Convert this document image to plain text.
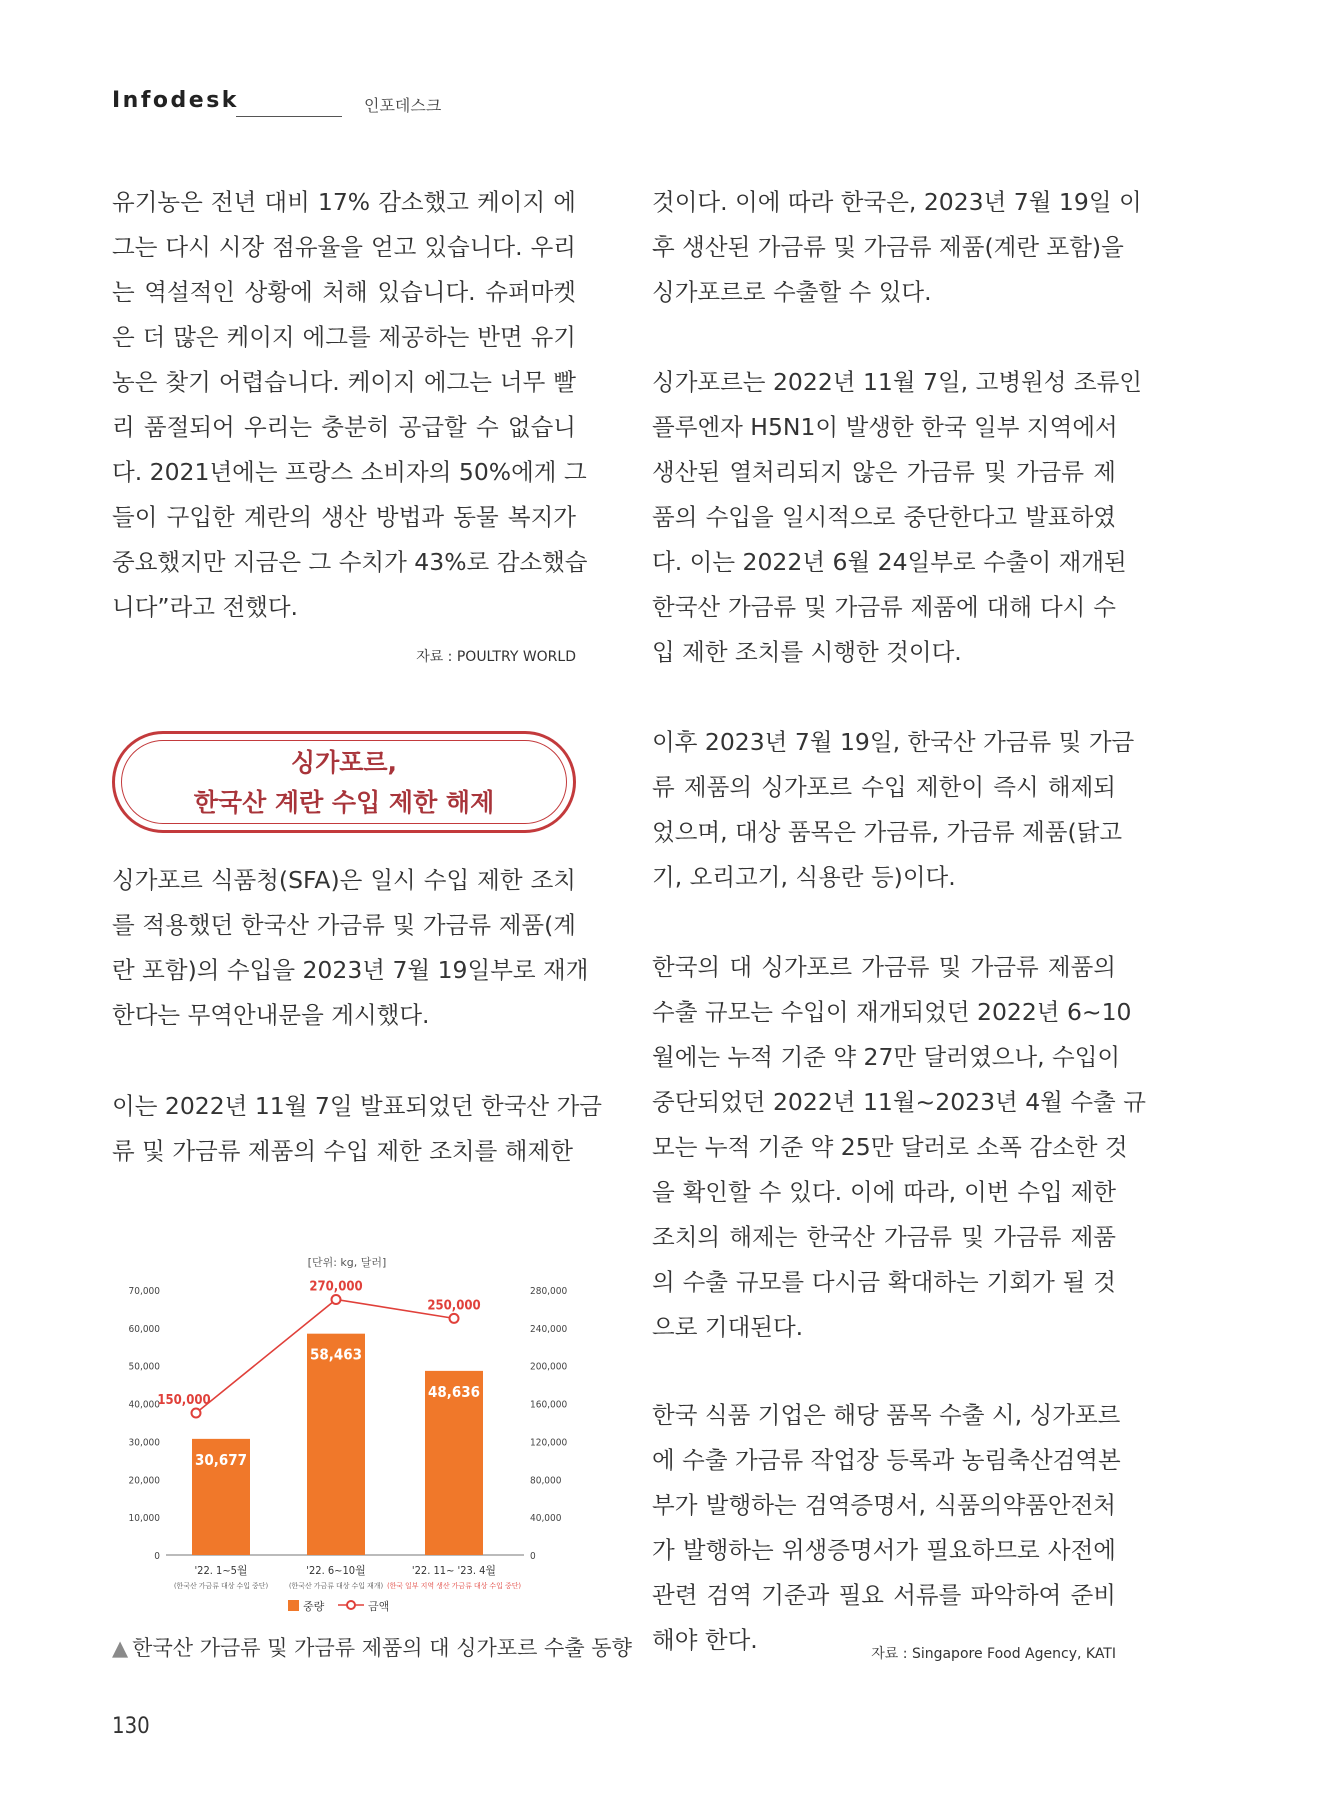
Infodesk	인포데스크
유기농은 전년 대비 17% 감소했고 케이지 에
그는 다시 시장 점유율을 얻고 있습니다. 우리
는 역설적인 상황에 처해 있습니다. 슈퍼마켓
은 더 많은 케이지 에그를 제공하는 반면 유기
농은 찾기 어렵습니다. 케이지 에그는 너무 빨
리 품절되어 우리는 충분히 공급할 수 없습니
다. 2021년에는 프랑스 소비자의 50%에게 그
들이 구입한 계란의 생산 방법과 동물 복지가
중요했지만 지금은 그 수치가 43%로 감소했습
니다”라고 전했다.
자료 : POULTRY WORLD
싱가포르,
한국산 계란 수입 제한 해제
싱가포르 식품청(SFA)은 일시 수입 제한 조치
를 적용했던 한국산 가금류 및 가금류 제품(계
란 포함)의 수입을 2023년 7월 19일부로 재개
한다는 무역안내문을 게시했다.
이는 2022년 11월 7일 발표되었던 한국산 가금
류 및 가금류 제품의 수입 제한 조치를 해제한
[단위: kg, 달러]
0
10,000
20,000
30,000
40,000
50,000
60,000
70,000
0
40,000
80,000
120,000
160,000
200,000
240,000
280,000
30,677
58,463
48,636
150,000
270,000
250,000
'22. 1~5월
(한국산 가금류 대상 수입 중단)
'22. 6~10월
(한국산 가금류 대상 수입 재개)
'22. 11~ '23. 4월
(한국 일부 지역 생산 가금류 대상 수입 중단)
중량	금액
▲ 한국산 가금류 및 가금류 제품의 대 싱가포르 수출 동향
것이다. 이에 따라 한국은, 2023년 7월 19일 이
후 생산된 가금류 및 가금류 제품(계란 포함)을
싱가포르로 수출할 수 있다.
싱가포르는 2022년 11월 7일, 고병원성 조류인
플루엔자 H5N1이 발생한 한국 일부 지역에서
생산된 열처리되지 않은 가금류 및 가금류 제
품의 수입을 일시적으로 중단한다고 발표하였
다. 이는 2022년 6월 24일부로 수출이 재개된
한국산 가금류 및 가금류 제품에 대해 다시 수
입 제한 조치를 시행한 것이다.
이후 2023년 7월 19일, 한국산 가금류 및 가금
류 제품의 싱가포르 수입 제한이 즉시 해제되
었으며, 대상 품목은 가금류, 가금류 제품(닭고
기, 오리고기, 식용란 등)이다.
한국의 대 싱가포르 가금류 및 가금류 제품의
수출 규모는 수입이 재개되었던 2022년 6~10
월에는 누적 기준 약 27만 달러였으나, 수입이
중단되었던 2022년 11월~2023년 4월 수출 규
모는 누적 기준 약 25만 달러로 소폭 감소한 것
을 확인할 수 있다. 이에 따라, 이번 수입 제한
조치의 해제는 한국산 가금류 및 가금류 제품
의 수출 규모를 다시금 확대하는 기회가 될 것
으로 기대된다.
한국 식품 기업은 해당 품목 수출 시, 싱가포르
에 수출 가금류 작업장 등록과 농림축산검역본
부가 발행하는 검역증명서, 식품의약품안전처
가 발행하는 위생증명서가 필요하므로 사전에
관련 검역 기준과 필요 서류를 파악하여 준비
해야 한다.	자료 : Singapore Food Agency, KATI
130
